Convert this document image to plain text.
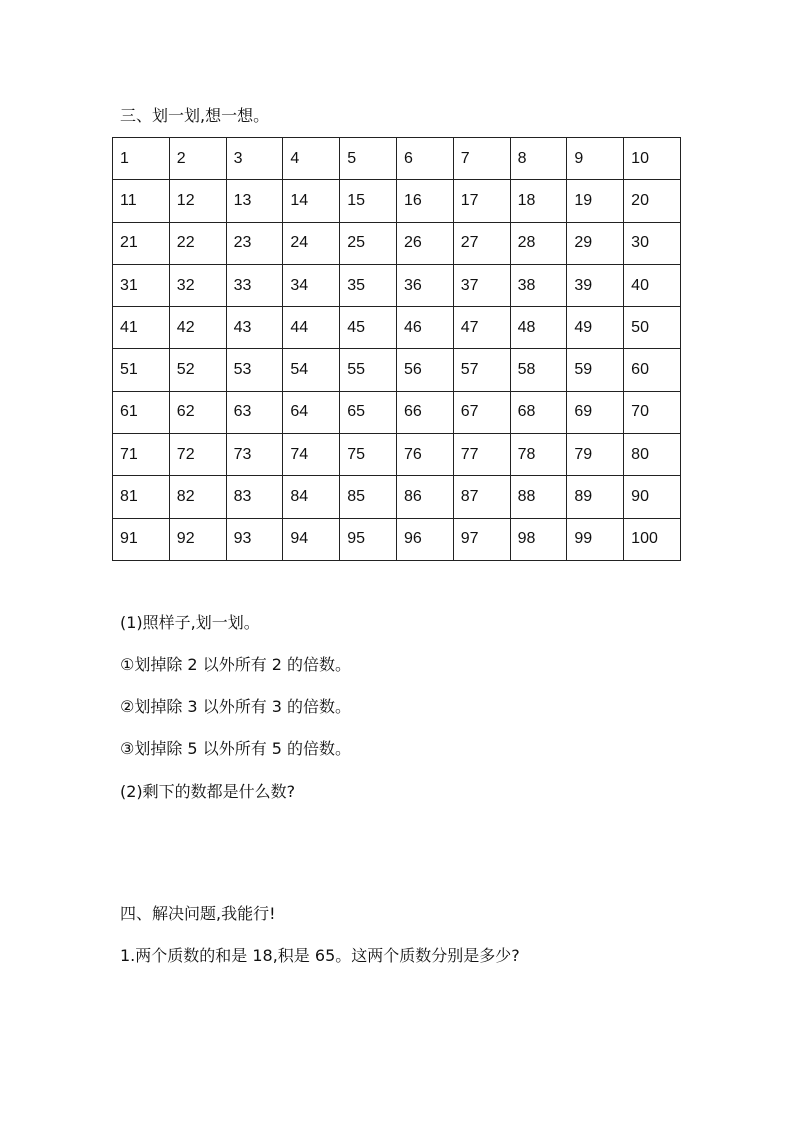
三、划一划,想一想。
1	2	3	4	5	6	7	8	9	10
11	12	13	14	15	16	17	18	19	20
21	22	23	24	25	26	27	28	29	30
31	32	33	34	35	36	37	38	39	40
41	42	43	44	45	46	47	48	49	50
51	52	53	54	55	56	57	58	59	60
61	62	63	64	65	66	67	68	69	70
71	72	73	74	75	76	77	78	79	80
81	82	83	84	85	86	87	88	89	90
91	92	93	94	95	96	97	98	99	100
(1)照样子,划一划。
①划掉除 2 以外所有 2 的倍数。
②划掉除 3 以外所有 3 的倍数。
③划掉除 5 以外所有 5 的倍数。
(2)剩下的数都是什么数?
四、解决问题,我能行!
1.两个质数的和是 18,积是 65。这两个质数分别是多少?
